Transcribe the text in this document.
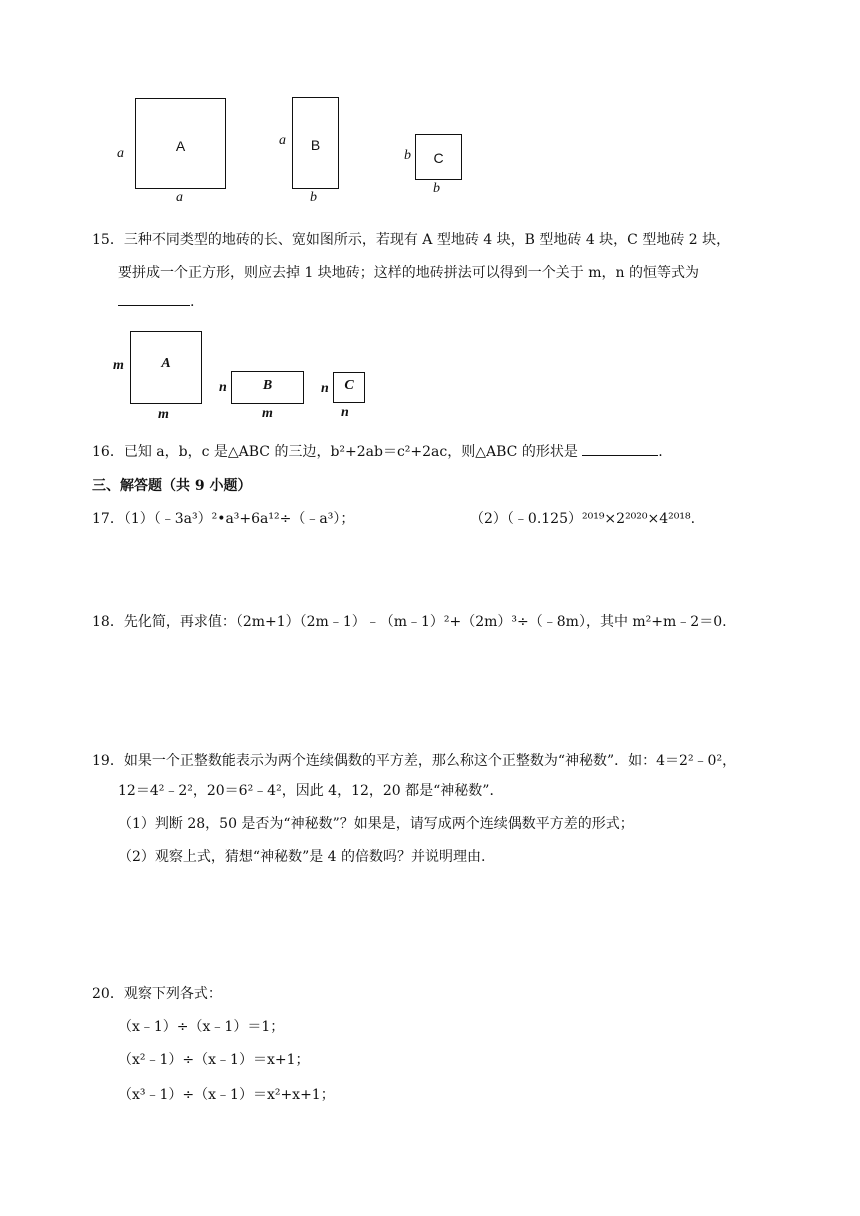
A
a
a
B
a
b
C
b
b
15．三种不同类型的地砖的长、宽如图所示，若现有 A 型地砖 4 块，B 型地砖 4 块，C 型地砖 2 块，
要拼成一个正方形，则应去掉 1 块地砖；这样的地砖拼法可以得到一个关于 m，n 的恒等式为
.
A
m
m
B
n
m
C
n
n
16．已知 a，b，c 是△ABC 的三边，b²+2ab＝c²+2ac，则△ABC 的形状是	.
三、解答题（共 9 小题）
17．（1）（﹣3a³）²•a³+6a¹²÷（﹣a³）；	（2）（﹣0.125）²⁰¹⁹×2²⁰²⁰×4²⁰¹⁸.
18．先化简，再求值：（2m+1）（2m﹣1）﹣（m﹣1）²+（2m）³÷（﹣8m），其中 m²+m﹣2＝0.
19．如果一个正整数能表示为两个连续偶数的平方差，那么称这个正整数为“神秘数”．如：4＝2²﹣0²，
12＝4²﹣2²，20＝6²﹣4²，因此 4，12，20 都是“神秘数”．
（1）判断 28，50 是否为“神秘数”？如果是，请写成两个连续偶数平方差的形式；
（2）观察上式，猜想“神秘数”是 4 的倍数吗？并说明理由.
20．观察下列各式：
（x﹣1）÷（x﹣1）＝1；
（x²﹣1）÷（x﹣1）＝x+1；
（x³﹣1）÷（x﹣1）＝x²+x+1；
